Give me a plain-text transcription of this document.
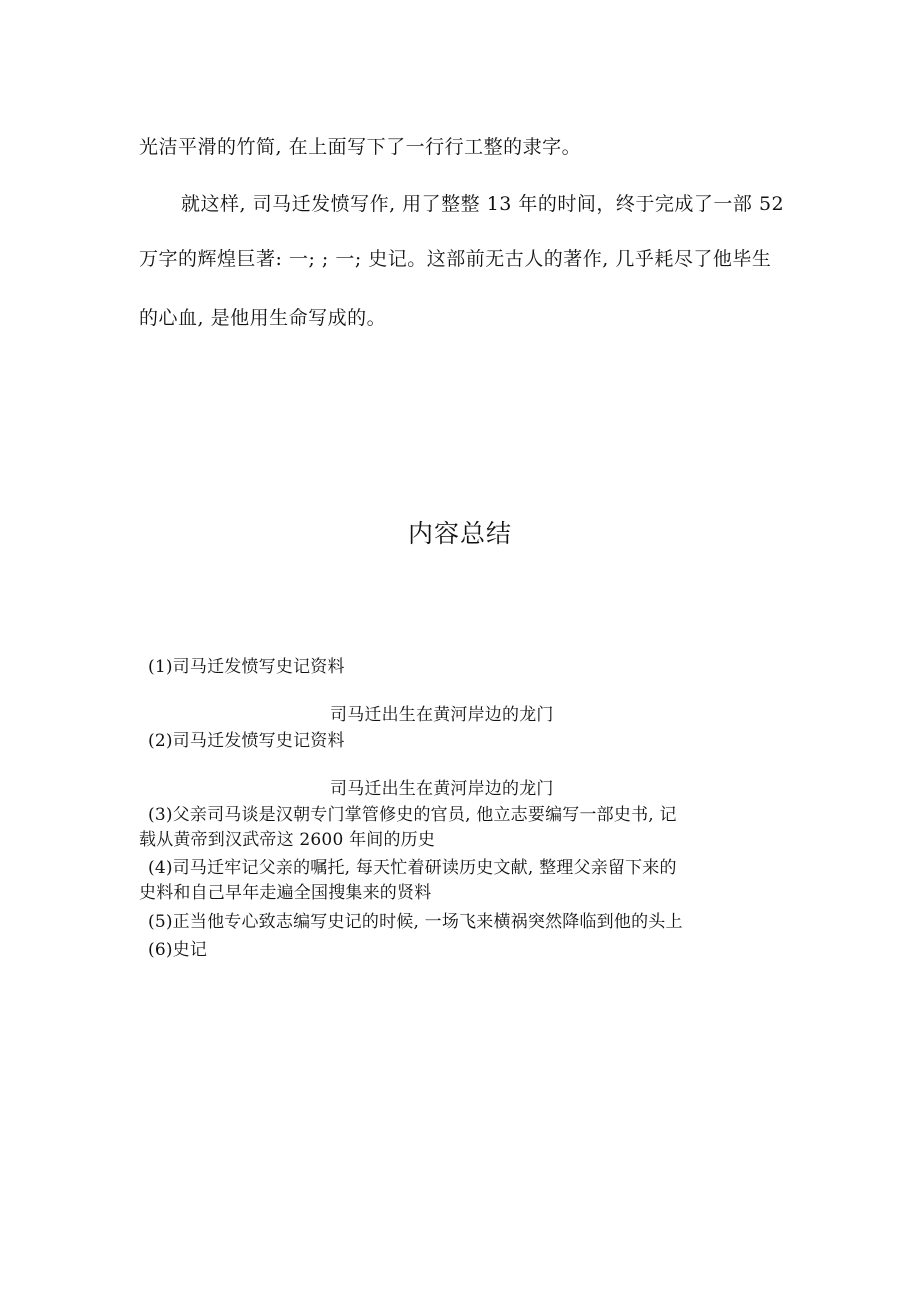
光洁平滑的竹简, 在上面写下了一行行工整的隶字。
就这样, 司马迁发愤写作, 用了整整 13 年的时间，终于完成了一部 52
万字的辉煌巨著: 一; ; 一; 史记。这部前无古人的著作, 几乎耗尽了他毕生
的心血, 是他用生命写成的。
内容总结
(1)司马迁发愤写史记资料
司马迁出生在黄河岸边的龙门
(2)司马迁发愤写史记资料
司马迁出生在黄河岸边的龙门
(3)父亲司马谈是汉朝专门掌管修史的官员, 他立志要编写一部史书, 记
载从黄帝到汉武帝这 2600 年间的历史
(4)司马迁牢记父亲的嘱托, 每天忙着研读历史文献, 整理父亲留下来的
史料和自己早年走遍全国搜集来的贤料
(5)正当他专心致志编写史记的时候, 一场飞来横祸突然降临到他的头上
(6)史记
